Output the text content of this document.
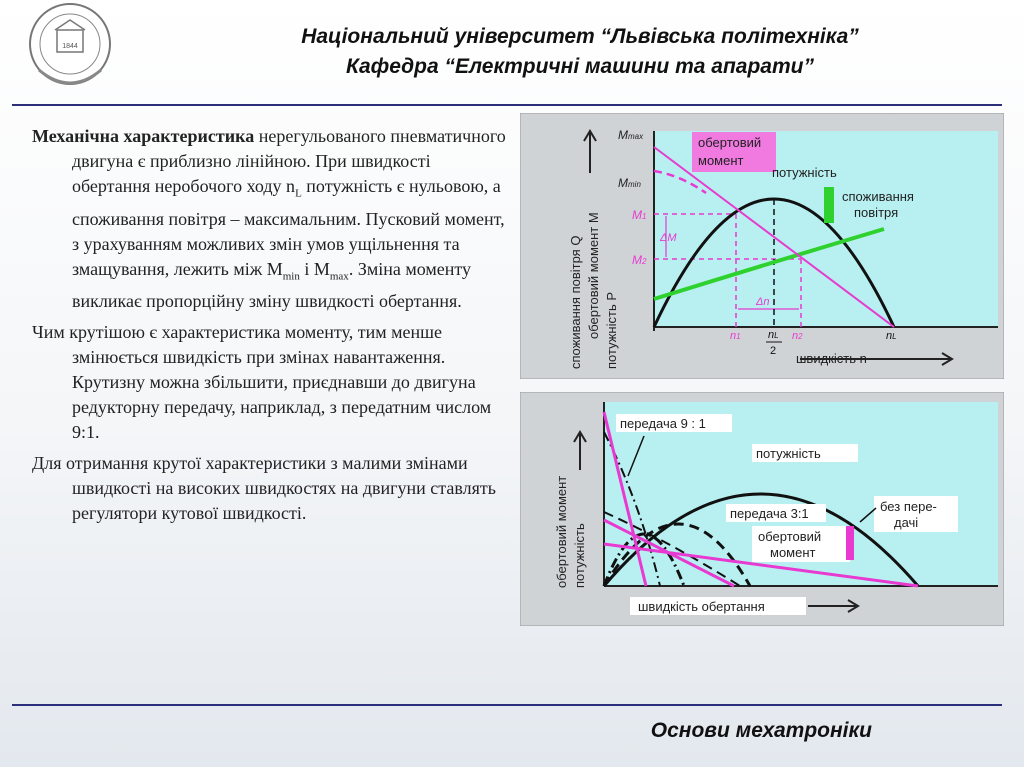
1844	Національний університет “Львівська політехніка”
Кафедра “Електричні машини та апарати”

Механічна характеристика нерегульованого пневматичного двигуна є приблизно лінійною. При швидкості обертання неробочого ходу $n_L$ потужність є нульовою, а споживання повітря – максимальним. Пусковий момент, з урахуванням можливих змін умов ущільнення та змащування, лежить між $M_{min}$ і $M_{max}$. Зміна моменту викликає пропорційну зміну швидкості обертання.

Чим крутішою є характеристика моменту, тим менше змінюється швидкість при змінах навантаження. Крутизну можна збільшити, приєднавши до двигуна редукторну передачу, наприклад, з передатним числом 9:1.

Для отримання крутої характеристики з малими змінами швидкості на високих швидкостях на двигуни ставлять регулятори кутової швидкості.

споживання повітря Q обертовий момент M потужність P	швидкість n
Mmax
Mmin
M1
M2
ΔM
Δn
обертовий
момент
потужність
споживання
повітря
n1 nL
2
n2	nL
обертовий момент потужність
швидкість обертання
передача 9 : 1
потужність
передача 3:1
обертовий
момент
без пере-
дачі
Основи мехатроніки
